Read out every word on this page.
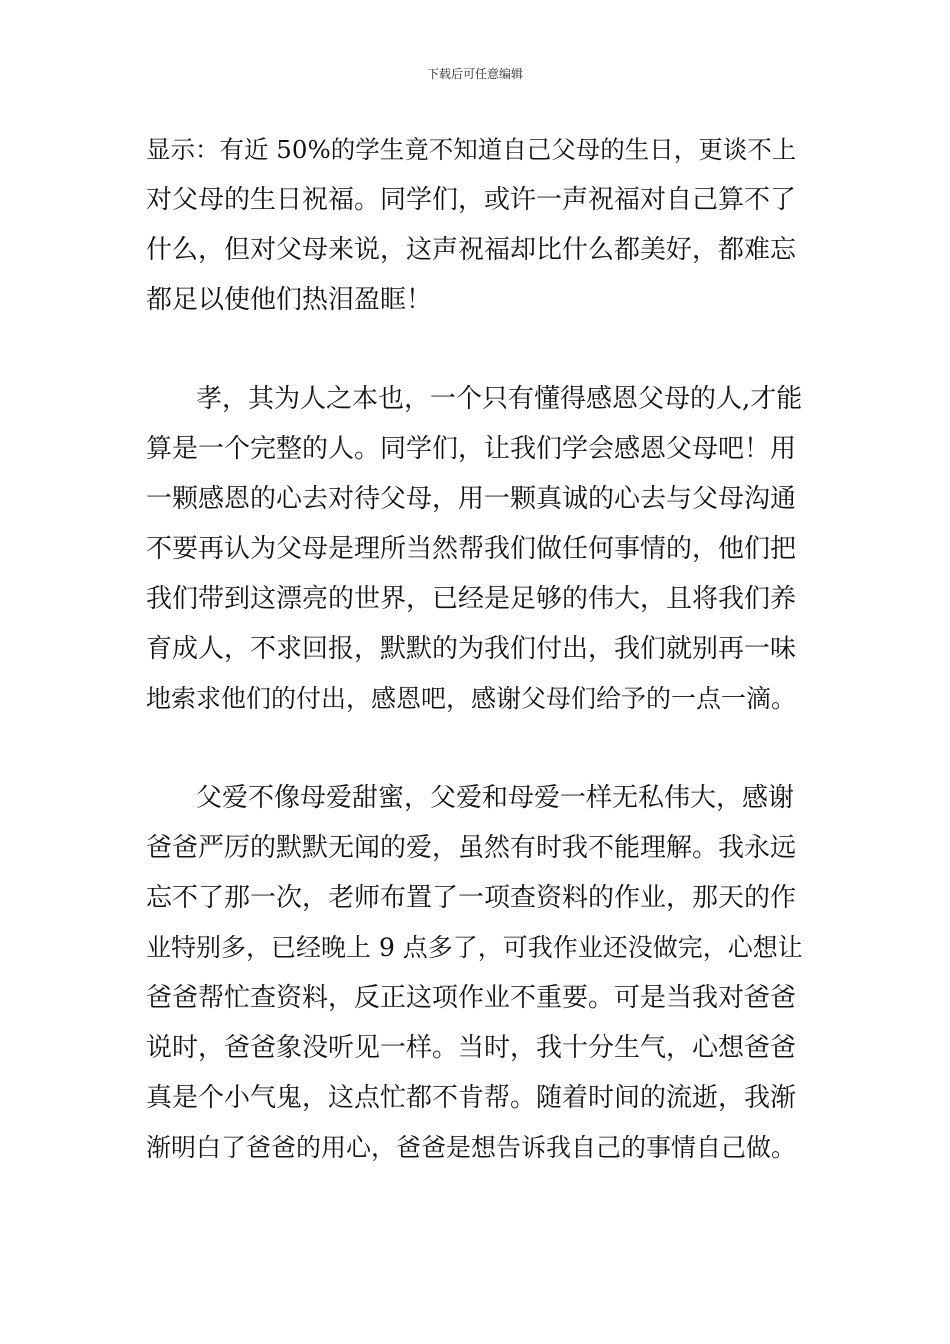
下载后可任意编辑
显示：有近 50%的学生竟不知道自己父母的生日，更谈不上
对父母的生日祝福。同学们，或许一声祝福对自己算不了
什么，但对父母来说，这声祝福却比什么都美好，都难忘
都足以使他们热泪盈眶！
孝，其为人之本也，一个只有懂得感恩父母的人,才能
算是一个完整的人。同学们，让我们学会感恩父母吧！用
一颗感恩的心去对待父母，用一颗真诚的心去与父母沟通
不要再认为父母是理所当然帮我们做任何事情的，他们把
我们带到这漂亮的世界，已经是足够的伟大，且将我们养
育成人，不求回报，默默的为我们付出，我们就别再一味
地索求他们的付出，感恩吧，感谢父母们给予的一点一滴。
父爱不像母爱甜蜜，父爱和母爱一样无私伟大，感谢
爸爸严厉的默默无闻的爱，虽然有时我不能理解。我永远
忘不了那一次，老师布置了一项查资料的作业，那天的作
业特别多，已经晚上 9 点多了，可我作业还没做完，心想让
爸爸帮忙查资料，反正这项作业不重要。可是当我对爸爸
说时，爸爸象没听见一样。当时，我十分生气，心想爸爸
真是个小气鬼，这点忙都不肯帮。随着时间的流逝，我渐
渐明白了爸爸的用心，爸爸是想告诉我自己的事情自己做。
